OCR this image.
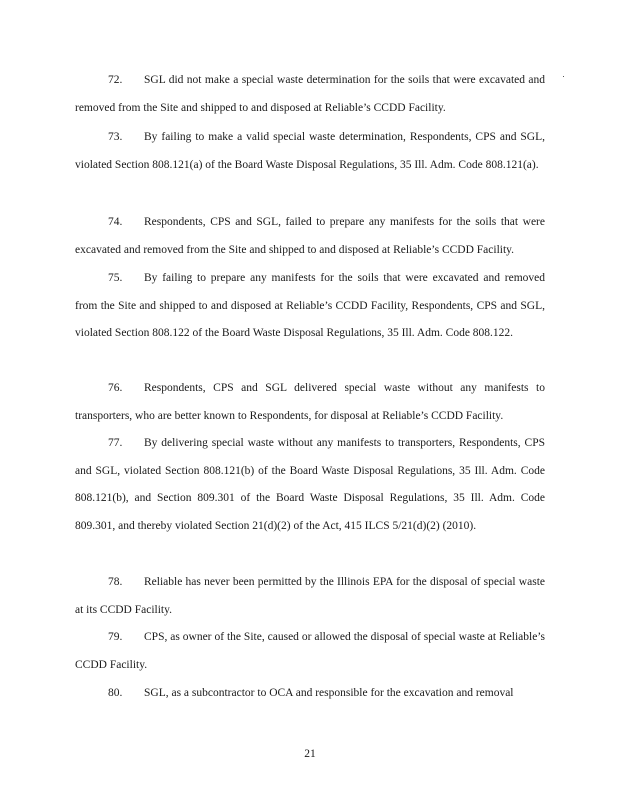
72. SGL did not make a special waste determination for the soils that were excavated and removed from the Site and shipped to and disposed at Reliable’s CCDD Facility.

73. By failing to make a valid special waste determination, Respondents, CPS and SGL, violated Section 808.121(a) of the Board Waste Disposal Regulations, 35 Ill. Adm. Code 808.121(a).

74. Respondents, CPS and SGL, failed to prepare any manifests for the soils that were excavated and removed from the Site and shipped to and disposed at Reliable’s CCDD Facility.

75. By failing to prepare any manifests for the soils that were excavated and removed from the Site and shipped to and disposed at Reliable’s CCDD Facility, Respondents, CPS and SGL, violated Section 808.122 of the Board Waste Disposal Regulations, 35 Ill. Adm. Code 808.122.

76. Respondents, CPS and SGL delivered special waste without any manifests to transporters, who are better known to Respondents, for disposal at Reliable’s CCDD Facility.

77. By delivering special waste without any manifests to transporters, Respondents, CPS and SGL, violated Section 808.121(b) of the Board Waste Disposal Regulations, 35 Ill. Adm. Code 808.121(b), and Section 809.301 of the Board Waste Disposal Regulations, 35 Ill. Adm. Code 809.301, and thereby violated Section 21(d)(2) of the Act, 415 ILCS 5/21(d)(2) (2010).

78. Reliable has never been permitted by the Illinois EPA for the disposal of special waste at its CCDD Facility.

79. CPS, as owner of the Site, caused or allowed the disposal of special waste at Reliable’s CCDD Facility.

80. SGL, as a subcontractor to OCA and responsible for the excavation and removal

21
